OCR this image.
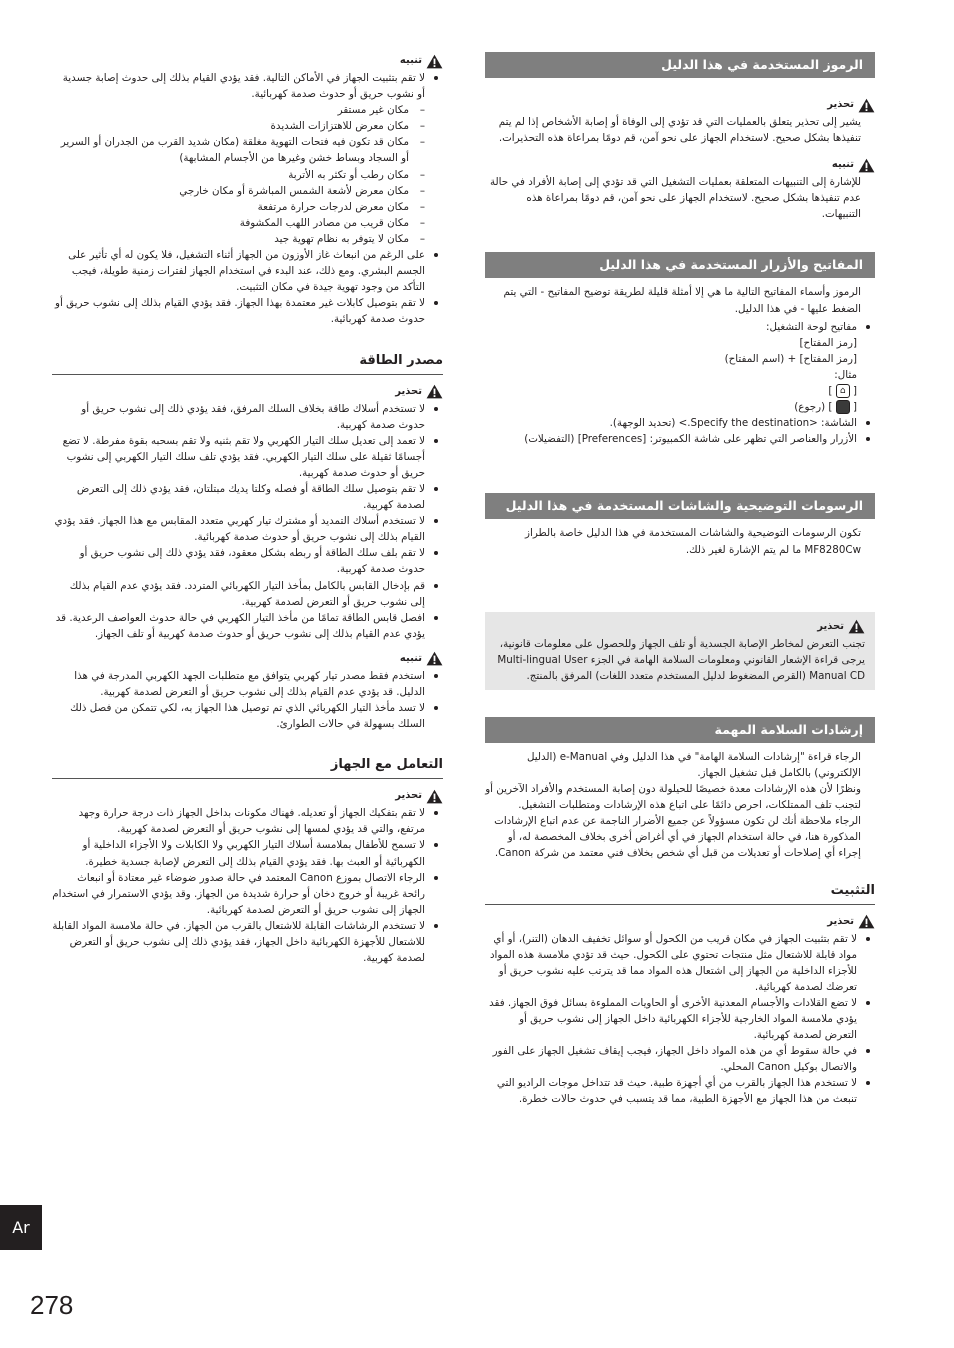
الرموز المستخدمة في هذا الدليل
تحذير

يشير إلى تحذير يتعلق بالعمليات التي قد تؤدي إلى الوفاة أو إصابة الأشخاص إذا لم يتم تنفيذها بشكل صحيح. لاستخدام الجهاز على نحو آمن، قم دومًا بمراعاة هذه التحذيرات.

تنبيه

للإشارة إلى التنبيهات المتعلقة بعمليات التشغيل التي قد تؤدي إلى إصابة الأفراد في حالة عدم تنفيذها بشكل صحيح. لاستخدام الجهاز على نحو آمن، قم دومًا بمراعاة هذه التنبيهات.

المفاتيح والأزرار المستخدمة في هذا الدليل

الرموز وأسماء المفاتيح التالية ما هي إلا أمثلة قليلة لطريقة توضيح المفاتيح - التي يتم الضغط عليها - في هذا الدليل.

مفاتيح لوحة التشغيل:
[رمز المفتاح]
[رمز المفتاح] + (اسم المفتاح)
مثال:
[ ⌂ ]
[  ] (رجوع)
الشاشة: <Specify the destination.> (تحديد الوجهة).
الأزرار والعناصر التي تظهر على شاشة الكمبيوتر: [Preferences] (التفضيلات)
الرسومات التوضيحية والشاشات المستخدمة في هذا الدليل

تكون الرسومات التوضيحية والشاشات المستخدمة في هذا الدليل خاصة بالطراز MF8280Cw ما لم يتم الإشارة لغير ذلك.

تحذير

تجنب التعرض لمخاطر الإصابة الجسدية أو تلف الجهاز وللحصول على معلومات قانونية، يرجى قراءة الإشعار القانوني ومعلومات السلامة الهامة في الجزء Multi-lingual User Manual CD (القرص المضغوط لدليل المستخدم متعدد اللغات) المرفق بالمنتج.

إرشادات السلامة المهمة

الرجاء قراءة "إرشادات السلامة الهامة" في هذا الدليل وفي e-Manual (الدليل الإلكتروني) بالكامل قبل تشغيل الجهاز.

ونظرًا لأن هذه الإرشادات معدة خصيصًا للحيلولة دون إصابة المستخدم والأفراد الآخرين أو لتجنب تلف الممتلكات، احرص دائمًا على اتباع هذه الإرشادات ومتطلبات التشغيل.

الرجاء ملاحظة أنك لن تكون مسؤولاً عن جميع الأضرار الناجمة عن عدم اتباع الإرشادات المذكورة هنا، في حالة استخدام الجهاز في أي أغراض أخرى بخلاف المخصصة له، أو إجراء أي إصلاحات أو تعديلات من قبل أي شخص بخلاف فني معتمد من شركة Canon.

التثبيت
تحذير
لا تقم بتثبيت الجهاز في مكان قريب من الكحول أو سوائل تخفيف الدهان (التنر)، أو أي مواد قابلة للاشتعال مثل منتجات تحتوي على الكحول. حيث قد تؤدي ملامسة هذه المواد للأجزاء الداخلية من الجهاز إلى اشتعال هذه المواد مما قد يترتب عليه نشوب حريق أو تعرضك لصدمة كهربائية.
لا تضع القلادات والأجسام المعدنية الأخرى أو الحاويات المملوءة بسائل فوق الجهاز. فقد يؤدي ملامسة المواد الخارجية للأجزاء الكهربائية داخل الجهاز إلى نشوب حريق أو التعرض لصدمة كهربائية.
في حالة سقوط أي من هذه المواد داخل الجهاز، فيجب إيقاف تشغيل الجهاز على الفور والاتصال بوكيل Canon المحلي.
لا تستخدم هذا الجهاز بالقرب من أي أجهزة طبية. حيث قد تتداخل موجات الراديو التي تنبعث من هذا الجهاز مع الأجهزة الطبية، مما قد يتسبب في حدوث حالات خطرة.
تنبيه
لا تقم بتثبيت الجهاز في الأماكن التالية. فقد يؤدي القيام بذلك إلى حدوث إصابة جسدية أو نشوب حريق أو حدوث صدمة كهربائية.
– مكان غير مستقر
– مكان معرض للاهتزازات الشديدة
– مكان قد تكون فيه فتحات التهوية مغلقة (مكان شديد القرب من الجدران أو السرير أو السجاد وبساط خشن وغيرها من الأجسام المشابهة)
– مكان رطب أو تكثر به الأتربة
– مكان معرض لأشعة الشمس المباشرة أو مكان خارجي
– مكان معرض لدرجات حرارة مرتفعة
– مكان قريب من مصادر اللهب المكشوفة
– مكان لا يتوفر به نظام تهوية جيد
على الرغم من انبعاث غاز الأوزون من الجهاز أثناء التشغيل، فلا يكون له أي تأثير على الجسم البشري. ومع ذلك، عند البدء في استخدام الجهاز لفترات زمنية طويلة، فيجب التأكد من وجود تهوية جيدة في مكان التثبيت.
لا تقم بتوصيل كابلات غير معتمدة بهذا الجهاز. فقد يؤدي القيام بذلك إلى نشوب حريق أو حدوث صدمة كهربائية.
مصدر الطاقة
تحذير
لا تستخدم أسلاك طاقة بخلاف السلك المرفق، فقد يؤدي ذلك إلى نشوب حريق أو حدوث صدمة كهربية.
لا تعمد إلى تعديل سلك التيار الكهربي ولا تقم بثنيه ولا تقم بسحبه بقوة مفرطة. لا تضع أجسامًا ثقيلة على سلك التيار الكهربي. فقد يؤدي تلف سلك التيار الكهربي إلى نشوب حريق أو حدوث صدمة كهربية.
لا تقم بتوصيل سلك الطاقة أو فصله وكلتا يديك مبتلتان، فقد يؤدي ذلك إلى التعرض لصدمة كهربية.
لا تستخدم أسلاك التمديد أو مشترك تيار كهربي متعدد المقابس مع هذا الجهاز. فقد يؤدي القيام بذلك إلى نشوب حريق أو حدوث صدمة كهربائية.
لا تقم بلف سلك الطاقة أو ربطه بشكل معقود، فقد يؤدي ذلك إلى نشوب حريق أو حدوث صدمة كهربية.
قم بإدخال القابس بالكامل بمأخذ التيار الكهربائي المتردد. فقد يؤدي عدم القيام بذلك إلى نشوب حريق أو التعرض لصدمة كهربية.
افصل قابس الطاقة تمامًا من مأخذ التيار الكهربي في حالة حدوث العواصف الرعدية. قد يؤدي عدم القيام بذلك إلى نشوب حريق أو حدوث صدمة كهربية أو تلف الجهاز.
تنبيه
استخدم فقط مصدر تيار كهربي يتوافق مع متطلبات الجهد الكهربي المدرجة في هذا الدليل. قد يؤدي عدم القيام بذلك إلى نشوب حريق أو التعرض لصدمة كهربية.
لا تسد مأخذ التيار الكهربائي الذي تم توصيل هذا الجهاز به، لكي تتمكن من فصل ذلك السلك بسهولة في حالات الطوارئ.
التعامل مع الجهاز
تحذير
لا تقم بتفكيك الجهاز أو تعديله. فهناك مكونات بداخل الجهاز ذات درجة حرارة وجهد مرتفع، والتي قد يؤدي لمسها إلى نشوب حريق أو التعرض لصدمة كهربية.
لا تسمح للأطفال بملامسة أسلاك التيار الكهربي ولا الكابلات ولا الأجزاء الداخلية أو الكهربائية أو العبث بها. فقد يؤدي القيام بذلك إلى التعرض لإصابة جسدية خطيرة.
الرجاء الاتصال بموزع Canon المعتمد في حالة صدور ضوضاء غير معتادة أو انبعاث رائحة غريبة أو خروج دخان أو حرارة شديدة من الجهاز. وقد يؤدي الاستمرار في استخدام الجهاز إلى نشوب حريق أو التعرض لصدمة كهربائية.
لا تستخدم الرشاشات القابلة للاشتعال بالقرب من الجهاز. في حالة ملامسة المواد القابلة للاشتعال للأجهزة الكهربائية داخل الجهاز، فقد يؤدي ذلك إلى نشوب حريق أو التعرض لصدمة كهربية.
Ar
278
